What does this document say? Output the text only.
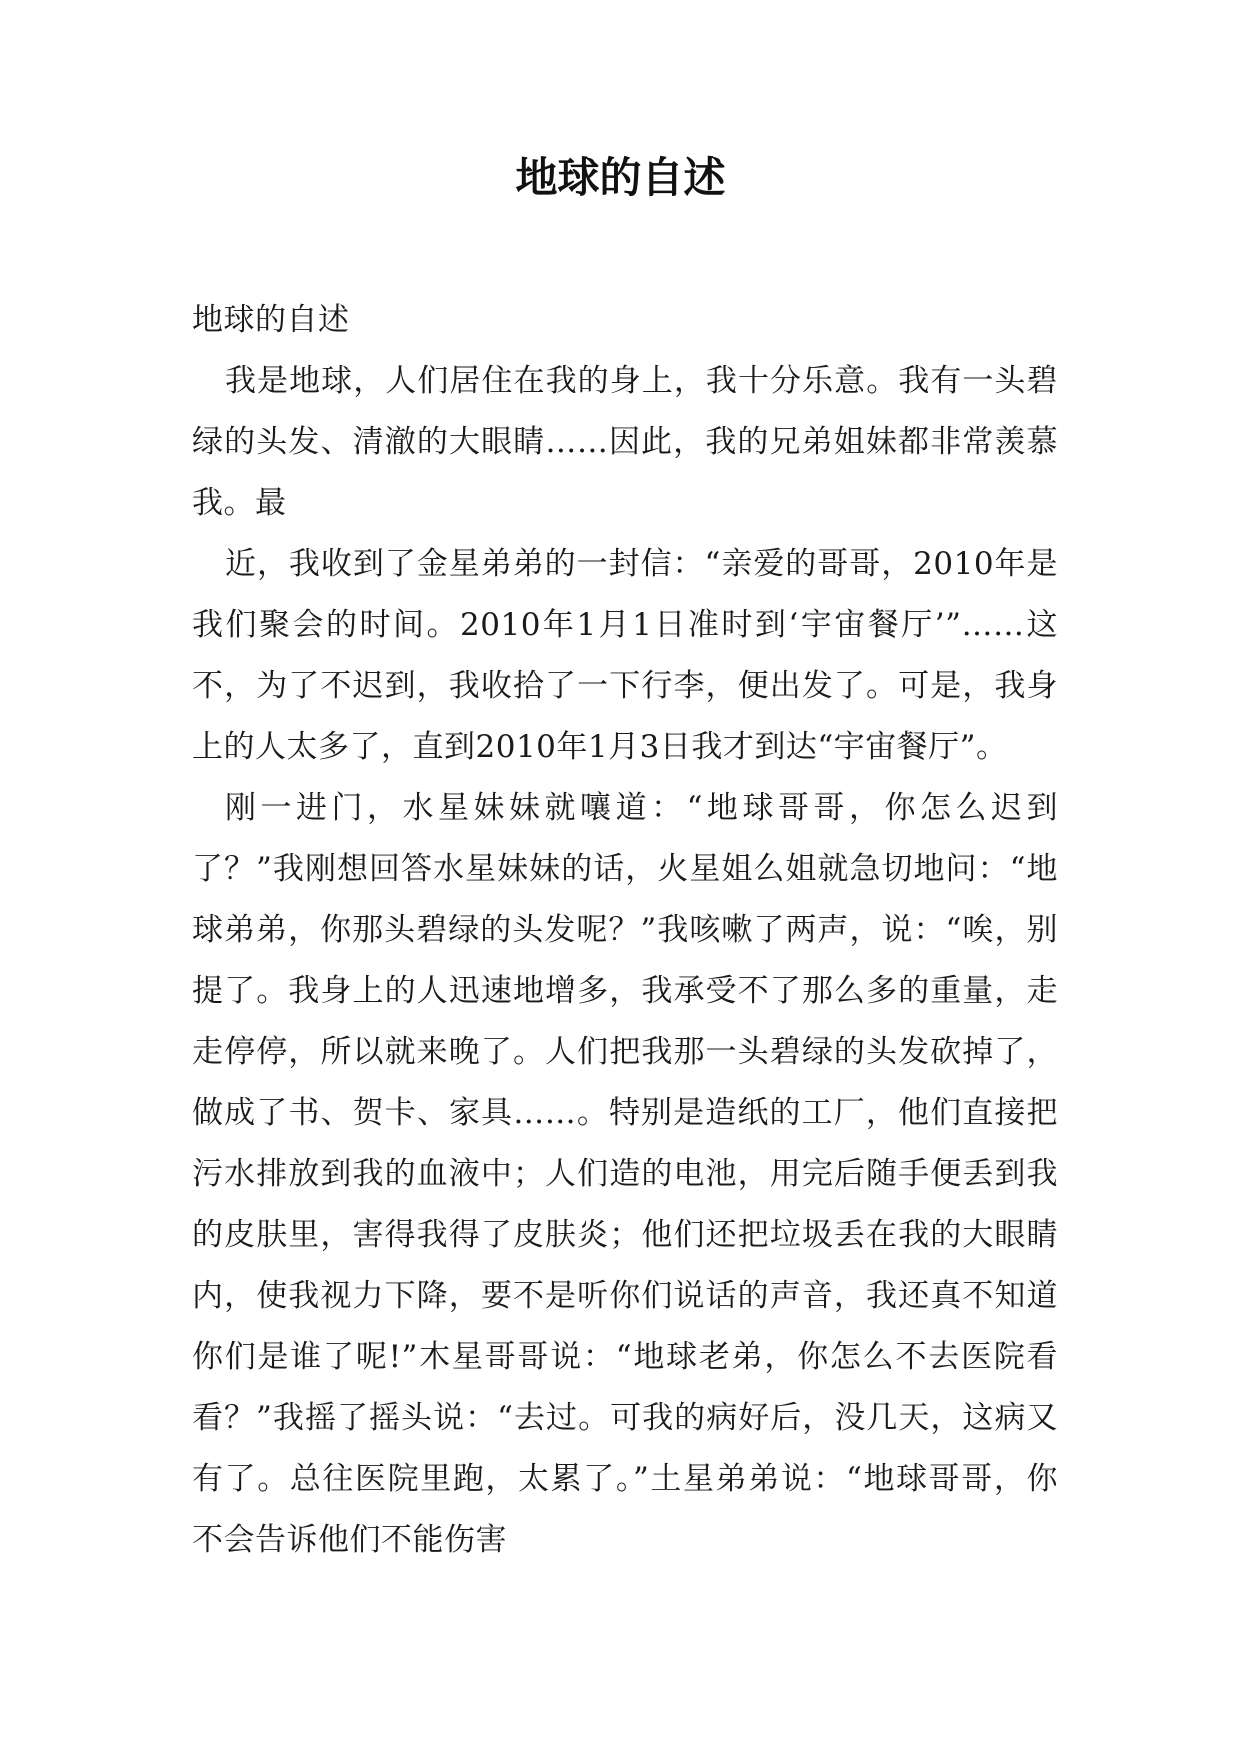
地球的自述

地球的自述

我是地球，人们居住在我的身上，我十分乐意。我有一头碧绿的头发、清澈的大眼睛……因此，我的兄弟姐妹都非常羡慕我。最

近，我收到了金星弟弟的一封信：“亲爱的哥哥，2010年是我们聚会的时间。2010年1月1日准时到‘宇宙餐厅’”……这不，为了不迟到，我收拾了一下行李，便出发了。可是，我身上的人太多了，直到2010年1月3日我才到达“宇宙餐厅”。

刚一进门，水星妹妹就嚷道：“地球哥哥，你怎么迟到了？”我刚想回答水星妹妹的话，火星姐么姐就急切地问：“地球弟弟，你那头碧绿的头发呢？”我咳嗽了两声，说：“唉，别提了。我身上的人迅速地增多，我承受不了那么多的重量，走走停停，所以就来晚了。人们把我那一头碧绿的头发砍掉了，做成了书、贺卡、家具……。特别是造纸的工厂，他们直接把污水排放到我的血液中；人们造的电池，用完后随手便丢到我的皮肤里，害得我得了皮肤炎；他们还把垃圾丢在我的大眼睛内，使我视力下降，要不是听你们说话的声音，我还真不知道你们是谁了呢!”木星哥哥说：“地球老弟，你怎么不去医院看看？”我摇了摇头说：“去过。可我的病好后，没几天，这病又有了。总往医院里跑，太累了。”土星弟弟说：“地球哥哥，你不会告诉他们不能伤害
